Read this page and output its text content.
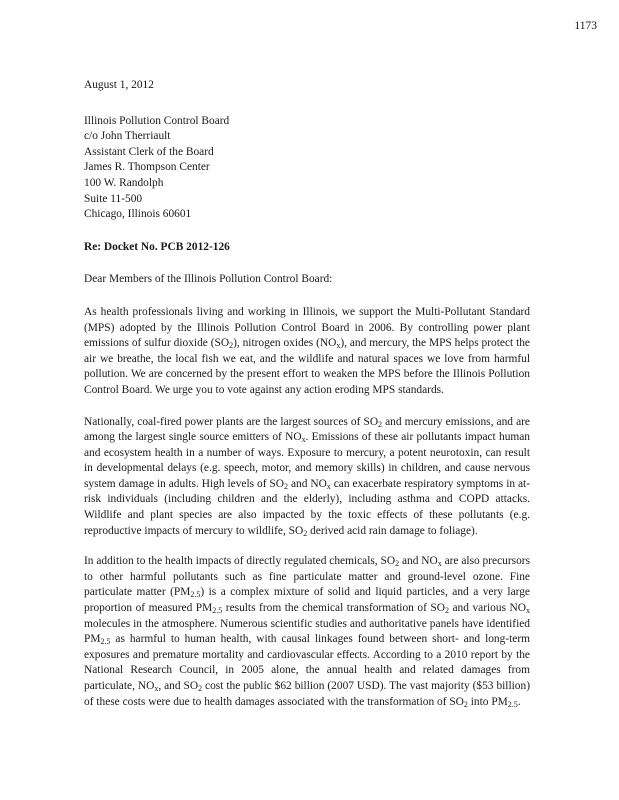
1173
August 1, 2012
Illinois Pollution Control Board
c/o John Therriault
Assistant Clerk of the Board
James R. Thompson Center
100 W. Randolph
Suite 11-500
Chicago, Illinois 60601
Re: Docket No. PCB 2012-126
Dear Members of the Illinois Pollution Control Board:

As health professionals living and working in Illinois, we support the Multi-Pollutant Standard (MPS) adopted by the Illinois Pollution Control Board in 2006. By controlling power plant emissions of sulfur dioxide $(SO_2)$, nitrogen oxides $(NO_x)$, and mercury, the MPS helps protect the air we breathe, the local fish we eat, and the wildlife and natural spaces we love from harmful pollution. We are concerned by the present effort to weaken the MPS before the Illinois Pollution Control Board. We urge you to vote against any action eroding MPS standards.

Nationally, coal-fired power plants are the largest sources of $SO_2$ and mercury emissions, and are among the largest single source emitters of $NO_x$. Emissions of these air pollutants impact human and ecosystem health in a number of ways. Exposure to mercury, a potent neurotoxin, can result in developmental delays (e.g. speech, motor, and memory skills) in children, and cause nervous system damage in adults. High levels of $SO_2$ and $NO_x$ can exacerbate respiratory symptoms in at-risk individuals (including children and the elderly), including asthma and COPD attacks. Wildlife and plant species are also impacted by the toxic effects of these pollutants (e.g. reproductive impacts of mercury to wildlife, $SO_2$ derived acid rain damage to foliage).

In addition to the health impacts of directly regulated chemicals, $SO_2$ and $NO_x$ are also precursors to other harmful pollutants such as fine particulate matter and ground-level ozone. Fine particulate matter $(PM_{2.5})$ is a complex mixture of solid and liquid particles, and a very large proportion of measured $PM_{2.5}$ results from the chemical transformation of $SO_2$ and various $NO_x$ molecules in the atmosphere. Numerous scientific studies and authoritative panels have identified $PM_{2.5}$ as harmful to human health, with causal linkages found between short- and long-term exposures and premature mortality and cardiovascular effects. According to a 2010 report by the National Research Council, in 2005 alone, the annual health and related damages from particulate, $NO_x$, and $SO_2$ cost the public $62 billion (2007 USD). The vast majority ($53 billion) of these costs were due to health damages associated with the transformation of $SO_2$ into $PM_{2.5}$.
